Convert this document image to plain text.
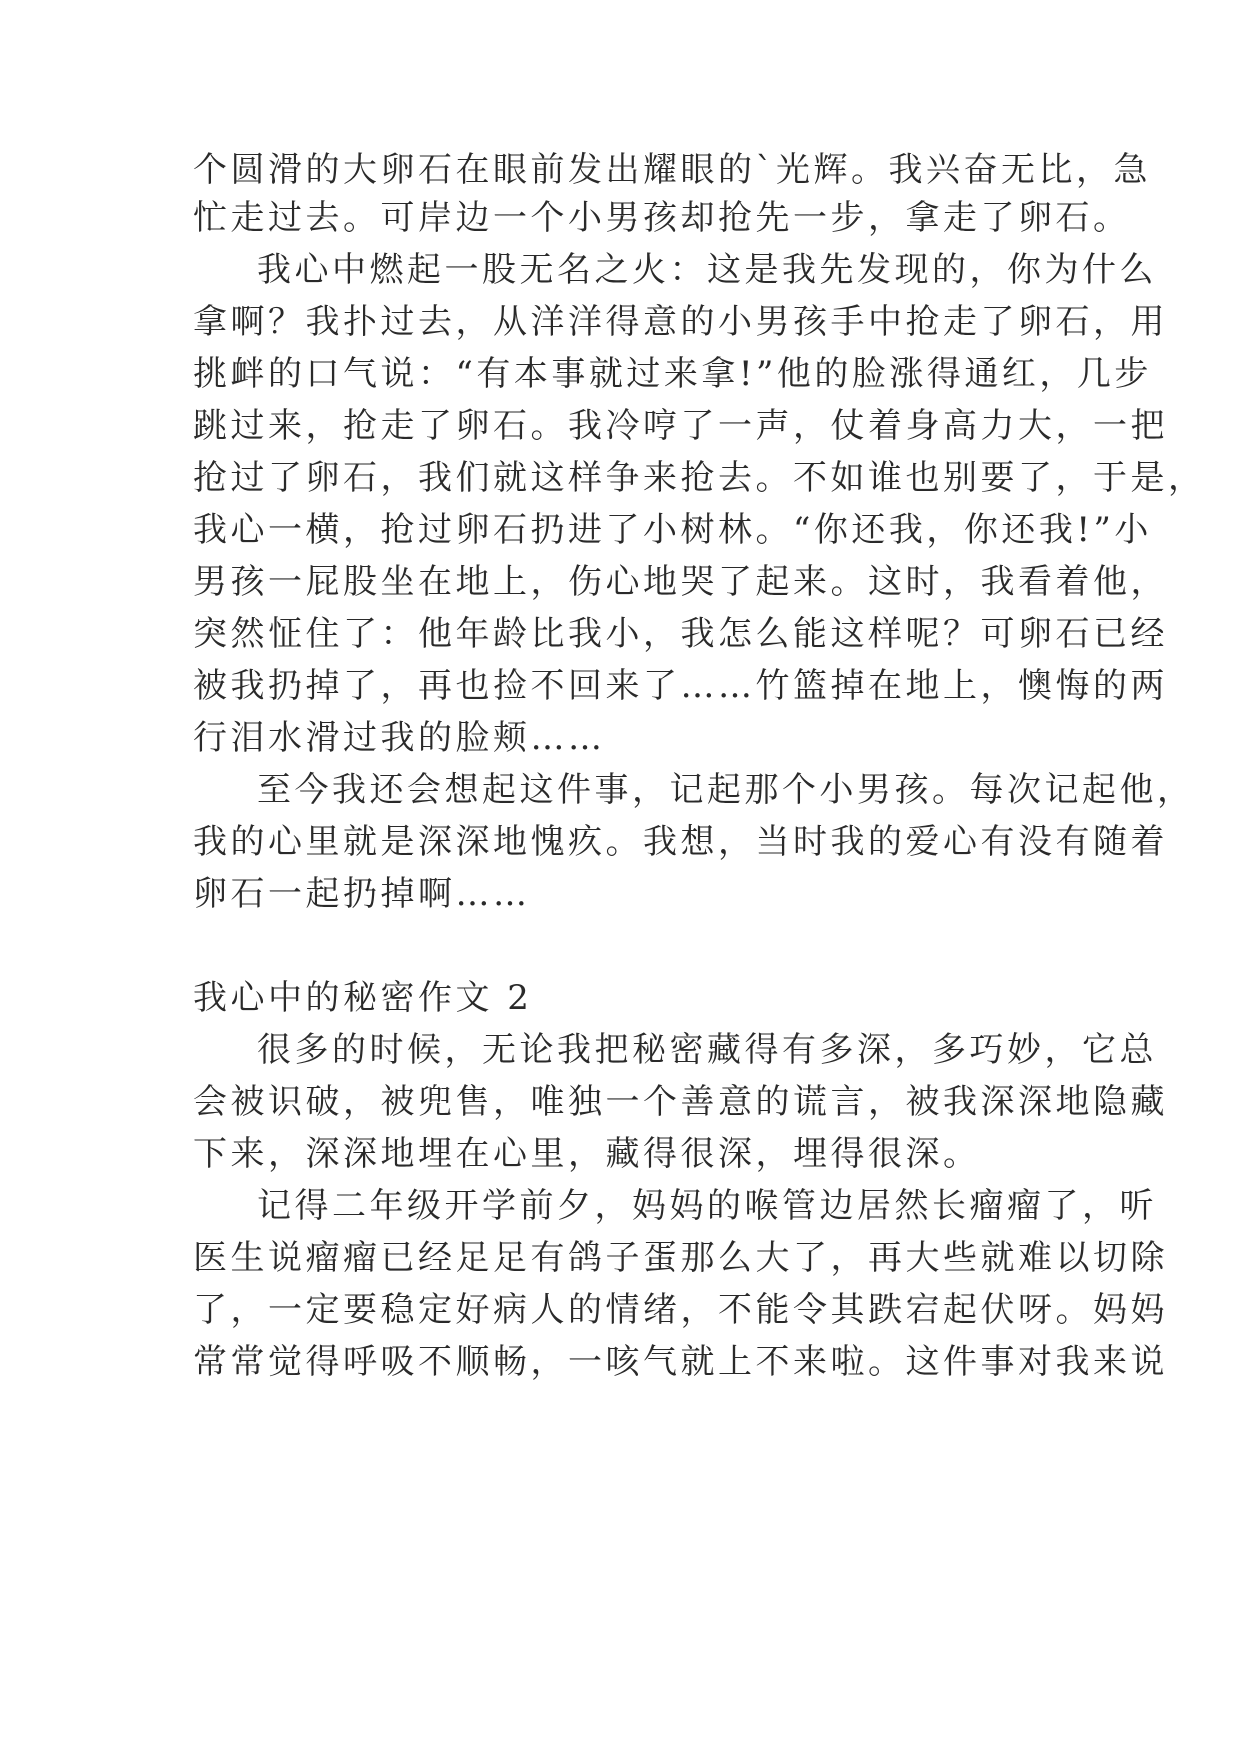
个圆滑的大卵石在眼前发出耀眼的`光辉。我兴奋无比，急
忙走过去。可岸边一个小男孩却抢先一步，拿走了卵石。
我心中燃起一股无名之火：这是我先发现的，你为什么
拿啊？我扑过去，从洋洋得意的小男孩手中抢走了卵石，用
挑衅的口气说：“有本事就过来拿!”他的脸涨得通红，几步
跳过来，抢走了卵石。我冷哼了一声，仗着身高力大，一把
抢过了卵石，我们就这样争来抢去。不如谁也别要了，于是，
我心一横，抢过卵石扔进了小树林。“你还我，你还我!”小
男孩一屁股坐在地上，伤心地哭了起来。这时，我看着他，
突然怔住了：他年龄比我小，我怎么能这样呢？可卵石已经
被我扔掉了，再也捡不回来了……竹篮掉在地上，懊悔的两
行泪水滑过我的脸颊……
至今我还会想起这件事，记起那个小男孩。每次记起他，
我的心里就是深深地愧疚。我想，当时我的爱心有没有随着
卵石一起扔掉啊……
我心中的秘密作文 2
很多的时候，无论我把秘密藏得有多深，多巧妙，它总
会被识破，被兜售，唯独一个善意的谎言，被我深深地隐藏
下来，深深地埋在心里，藏得很深，埋得很深。
记得二年级开学前夕，妈妈的喉管边居然长瘤瘤了，听
医生说瘤瘤已经足足有鸽子蛋那么大了，再大些就难以切除
了，一定要稳定好病人的情绪，不能令其跌宕起伏呀。妈妈
常常觉得呼吸不顺畅，一咳气就上不来啦。这件事对我来说
